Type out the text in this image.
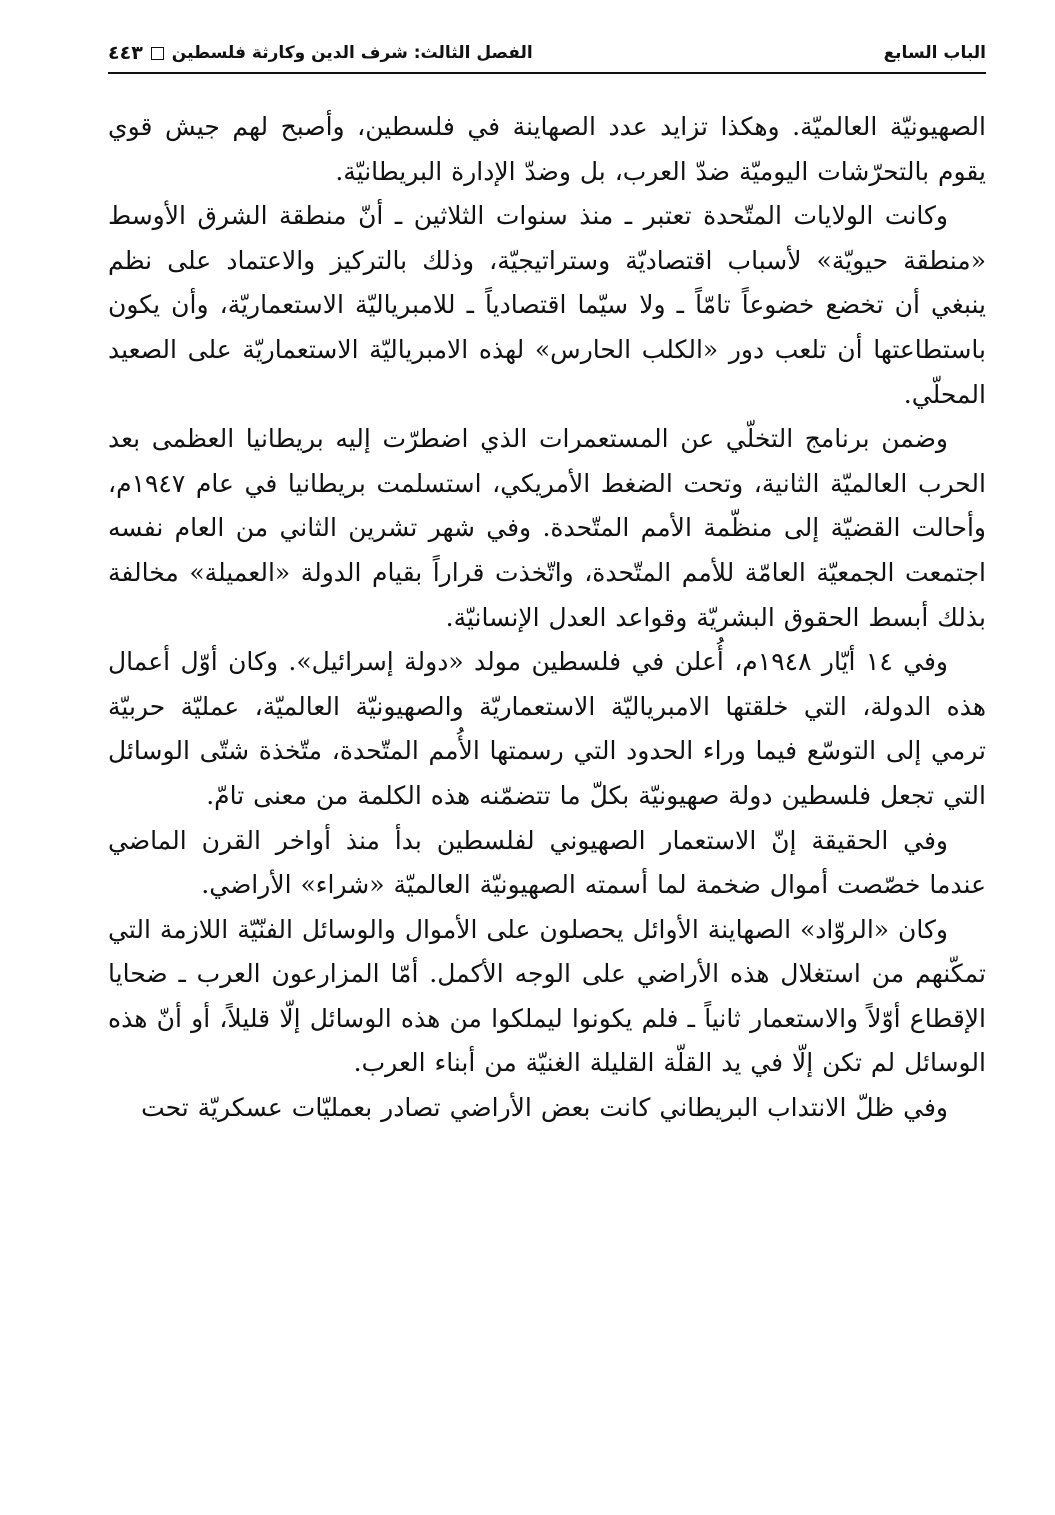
الباب السابع
الفصل الثالث: شرف الدين وكارثة فلسطين
٤٤٣

الصهيونيّة العالميّة. وهكذا تزايد عدد الصهاينة في فلسطين، وأصبح لهم جيش قوي يقوم بالتحرّشات اليوميّة ضدّ العرب، بل وضدّ الإدارة البريطانيّة.

وكانت الولايات المتّحدة تعتبر ـ منذ سنوات الثلاثين ـ أنّ منطقة الشرق الأوسط «منطقة حيويّة» لأسباب اقتصاديّة وستراتيجيّة، وذلك بالتركيز والاعتماد على نظم ينبغي أن تخضع خضوعاً تامّاً ـ ولا سيّما اقتصادياً ـ للامبرياليّة الاستعماريّة، وأن يكون باستطاعتها أن تلعب دور «الكلب الحارس» لهذه الامبرياليّة الاستعماريّة على الصعيد المحلّي.

وضمن برنامج التخلّي عن المستعمرات الذي اضطرّت إليه بريطانيا العظمى بعد الحرب العالميّة الثانية، وتحت الضغط الأمريكي، استسلمت بريطانيا في عام ١٩٤٧م، وأحالت القضيّة إلى منظّمة الأمم المتّحدة. وفي شهر تشرين الثاني من العام نفسه اجتمعت الجمعيّة العامّة للأمم المتّحدة، واتّخذت قراراً بقيام الدولة «العميلة» مخالفة بذلك أبسط الحقوق البشريّة وقواعد العدل الإنسانيّة.

وفي ١٤ أيّار ١٩٤٨م، أُعلن في فلسطين مولد «دولة إسرائيل». وكان أوّل أعمال هذه الدولة، التي خلقتها الامبرياليّة الاستعماريّة والصهيونيّة العالميّة، عمليّة حربيّة ترمي إلى التوسّع فيما وراء الحدود التي رسمتها الأُمم المتّحدة، متّخذة شتّى الوسائل التي تجعل فلسطين دولة صهيونيّة بكلّ ما تتضمّنه هذه الكلمة من معنى تامّ.

وفي الحقيقة إنّ الاستعمار الصهيوني لفلسطين بدأ منذ أواخر القرن الماضي عندما خصّصت أموال ضخمة لما أسمته الصهيونيّة العالميّة «شراء» الأراضي.

وكان «الروّاد» الصهاينة الأوائل يحصلون على الأموال والوسائل الفنّيّة اللازمة التي تمكّنهم من استغلال هذه الأراضي على الوجه الأكمل. أمّا المزارعون العرب ـ ضحايا الإقطاع أوّلاً والاستعمار ثانياً ـ فلم يكونوا ليملكوا من هذه الوسائل إلّا قليلاً، أو أنّ هذه الوسائل لم تكن إلّا في يد القلّة القليلة الغنيّة من أبناء العرب.

وفي ظلّ الانتداب البريطاني كانت بعض الأراضي تصادر بعمليّات عسكريّة تحت
